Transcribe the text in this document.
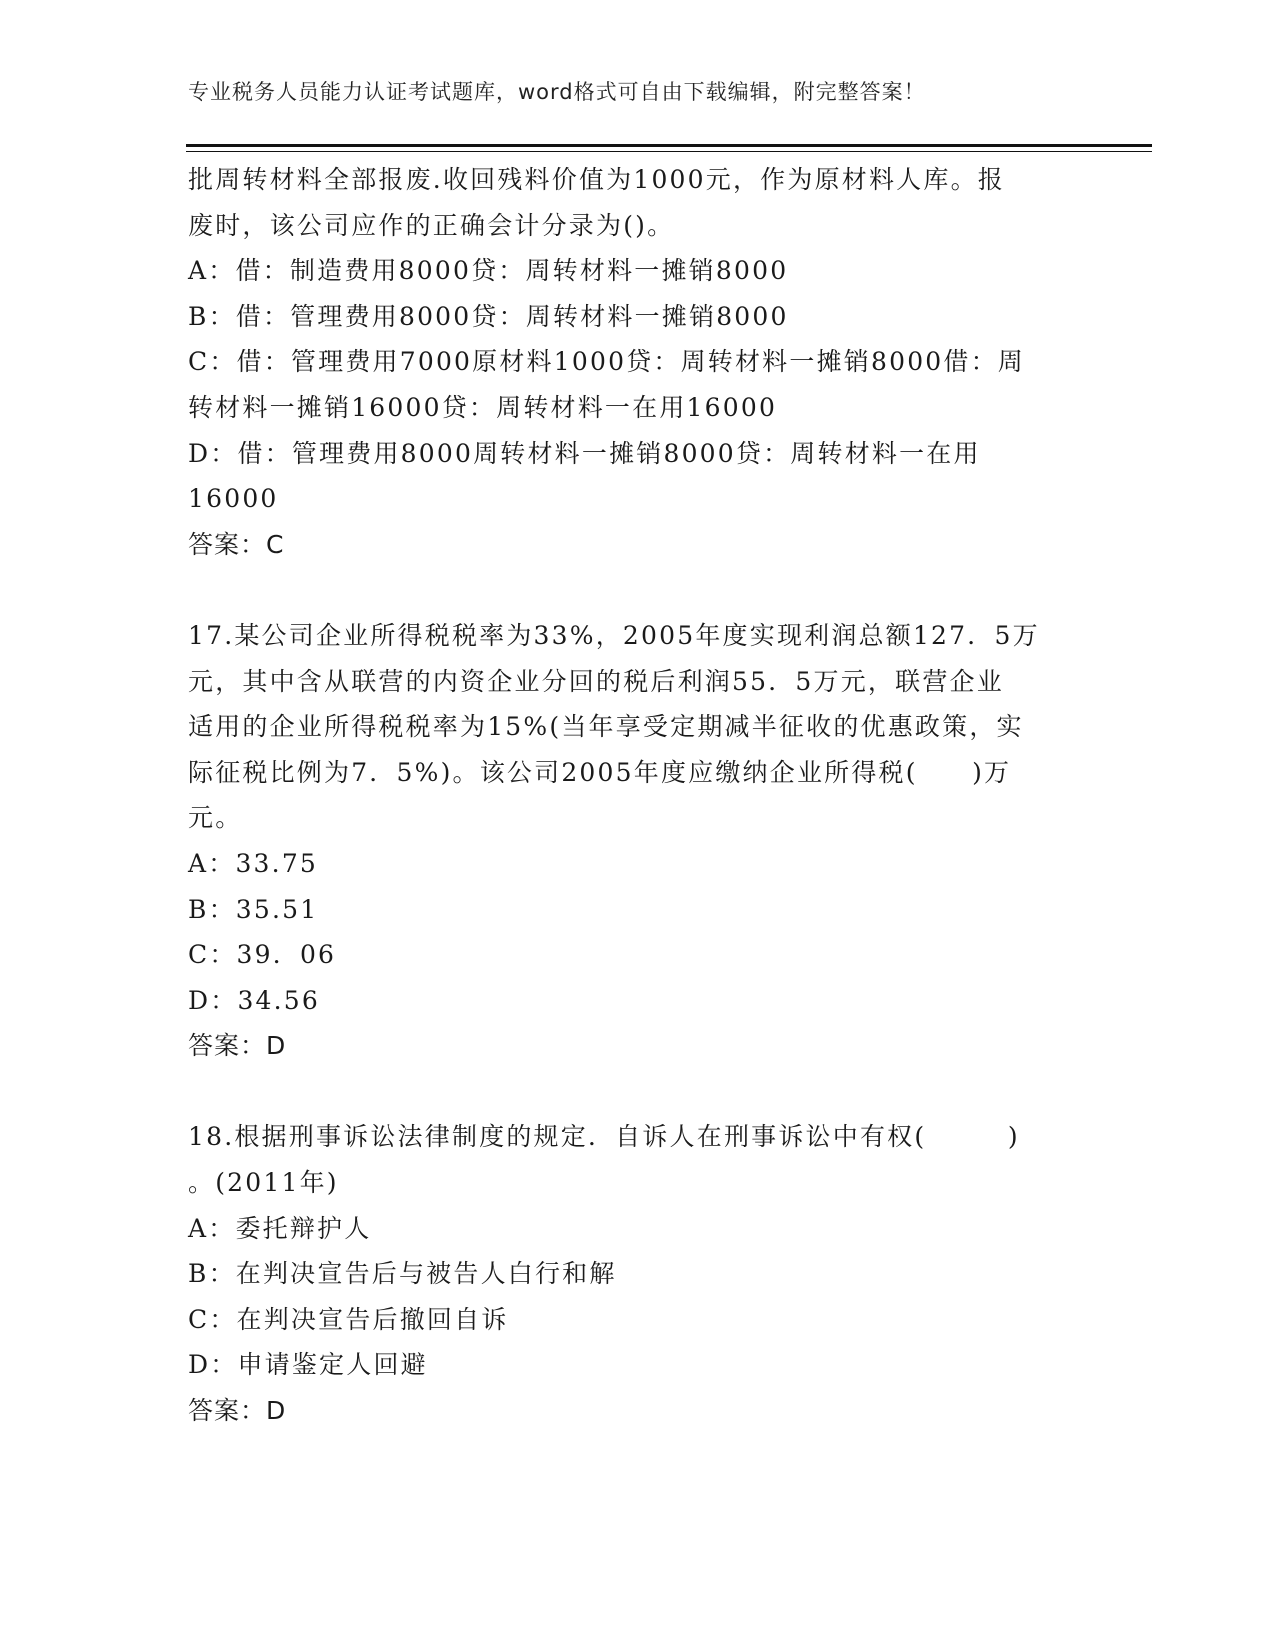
专业税务人员能力认证考试题库，word格式可自由下载编辑，附完整答案！
批周转材料全部报废.收回残料价值为1000元，作为原材料人库。报
废时，该公司应作的正确会计分录为()。
A：借：制造费用8000贷：周转材料一摊销8000
B：借：管理费用8000贷：周转材料一摊销8000
C：借：管理费用7000原材料1000贷：周转材料一摊销8000借：周
转材料一摊销16000贷：周转材料一在用16000
D：借：管理费用8000周转材料一摊销8000贷：周转材料一在用
16000
答案：C
17.某公司企业所得税税率为33%，2005年度实现利润总额127．5万
元，其中含从联营的内资企业分回的税后利润55．5万元，联营企业
适用的企业所得税税率为15%(当年享受定期减半征收的优惠政策，实
际征税比例为7．5%)。该公司2005年度应缴纳企业所得税(　　)万
元。
A：33.75
B：35.51
C：39．06
D：34.56
答案：D
18.根据刑事诉讼法律制度的规定．自诉人在刑事诉讼中有权(　　　)
。(2011年)
A：委托辩护人
B：在判决宣告后与被告人白行和解
C：在判决宣告后撤回自诉
D：申请鉴定人回避
答案：D
